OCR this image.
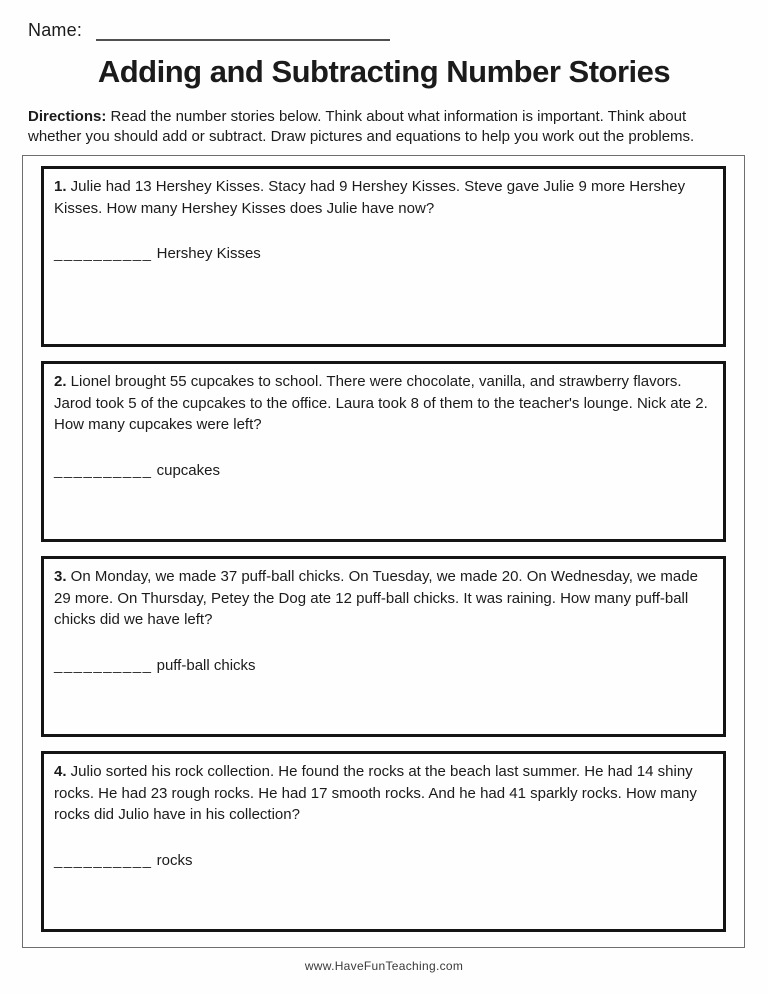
Name:
Adding and Subtracting Number Stories

Directions: Read the number stories below. Think about what information is important. Think about whether you should add or subtract. Draw pictures and equations to help you work out the problems.

1. Julie had 13 Hershey Kisses. Stacy had 9 Hershey Kisses. Steve gave Julie 9 more Hershey Kisses. How many Hershey Kisses does Julie have now?

__________ Hershey Kisses

2. Lionel brought 55 cupcakes to school. There were chocolate, vanilla, and strawberry flavors. Jarod took 5 of the cupcakes to the office. Laura took 8 of them to the teacher's lounge. Nick ate 2. How many cupcakes were left?

__________ cupcakes

3. On Monday, we made 37 puff-ball chicks. On Tuesday, we made 20. On Wednesday, we made 29 more. On Thursday, Petey the Dog ate 12 puff-ball chicks. It was raining. How many puff-ball chicks did we have left?

__________ puff-ball chicks

4. Julio sorted his rock collection. He found the rocks at the beach last summer. He had 14 shiny rocks. He had 23 rough rocks. He had 17 smooth rocks. And he had 41 sparkly rocks. How many rocks did Julio have in his collection?

__________ rocks

www.HaveFunTeaching.com
